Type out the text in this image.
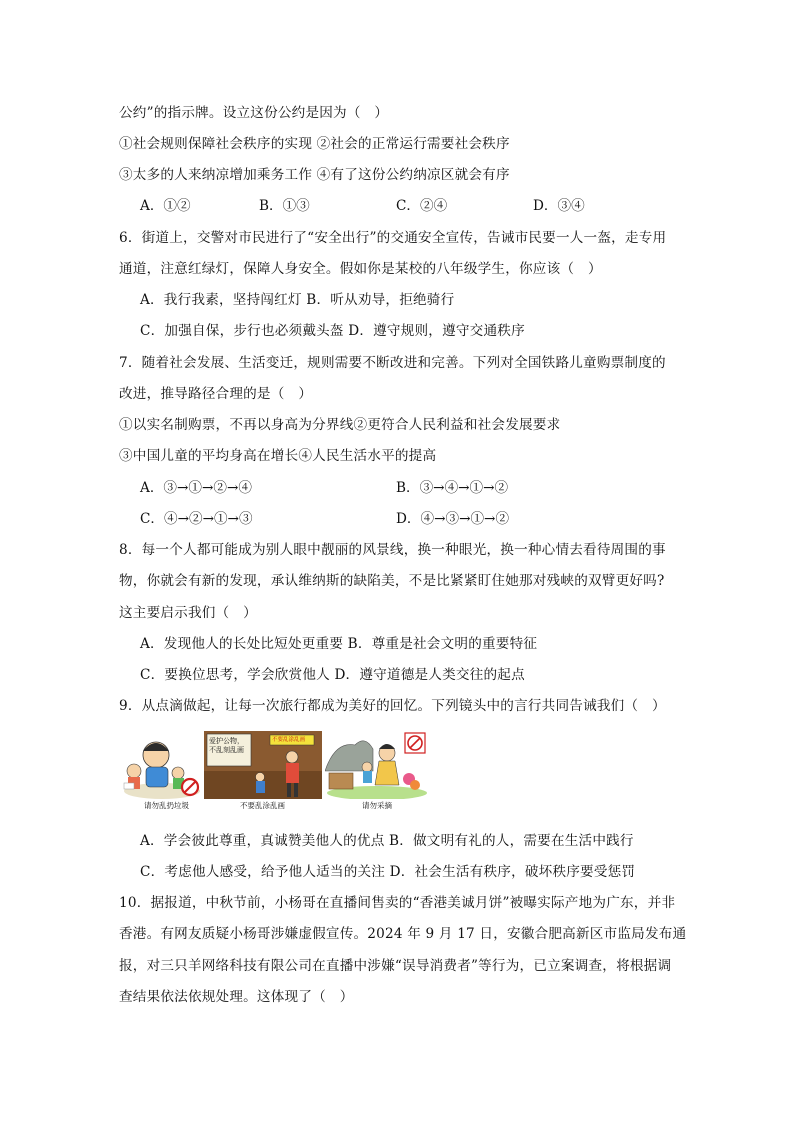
公约”的指示牌。设立这份公约是因为（　）
①社会规则保障社会秩序的实现 ②社会的正常运行需要社会秩序
③太多的人来纳凉增加乘务工作 ④有了这份公约纳凉区就会有序
A．①②	B．①③	C．②④	D．③④
6．街道上，交警对市民进行了“安全出行”的交通安全宣传，告诫市民要一人一盔，走专用
通道，注意红绿灯，保障人身安全。假如你是某校的八年级学生，你应该（　）
A．我行我素，坚持闯红灯 B．听从劝导，拒绝骑行
C．加强自保，步行也必须戴头盔 D．遵守规则，遵守交通秩序
7．随着社会发展、生活变迁，规则需要不断改进和完善。下列对全国铁路儿童购票制度的
改进，推导路径合理的是（　）
①以实名制购票，不再以身高为分界线②更符合人民利益和社会发展要求
③中国儿童的平均身高在增长④人民生活水平的提高
A．③→①→②→④	B．③→④→①→②
C．④→②→①→③	D．④→③→①→②
8．每一个人都可能成为别人眼中靓丽的风景线，换一种眼光，换一种心情去看待周围的事
物，你就会有新的发现，承认维纳斯的缺陷美，不是比紧紧盯住她那对残峡的双臂更好吗?
这主要启示我们（　）
A．发现他人的长处比短处更重要 B．尊重是社会文明的重要特征
C．要换位思考，学会欣赏他人 D．遵守道德是人类交往的起点
9．从点滴做起，让每一次旅行都成为美好的回忆。下列镜头中的言行共同告诫我们（　）
爱护公物，不乱刻乱画
不要乱涂乱画
请勿乱扔垃圾	不要乱涂乱画	请勿采摘
A．学会彼此尊重，真诚赞美他人的优点 B．做文明有礼的人，需要在生活中践行
C．考虑他人感受，给予他人适当的关注 D．社会生活有秩序，破坏秩序要受惩罚
10．据报道，中秋节前，小杨哥在直播间售卖的“香港美诚月饼”被曝实际产地为广东，并非
香港。有网友质疑小杨哥涉嫌虚假宣传。2024 年 9 月 17 日，安徽合肥高新区市监局发布通
报，对三只羊网络科技有限公司在直播中涉嫌“误导消费者”等行为，已立案调查，将根据调
查结果依法依规处理。这体现了（　）
